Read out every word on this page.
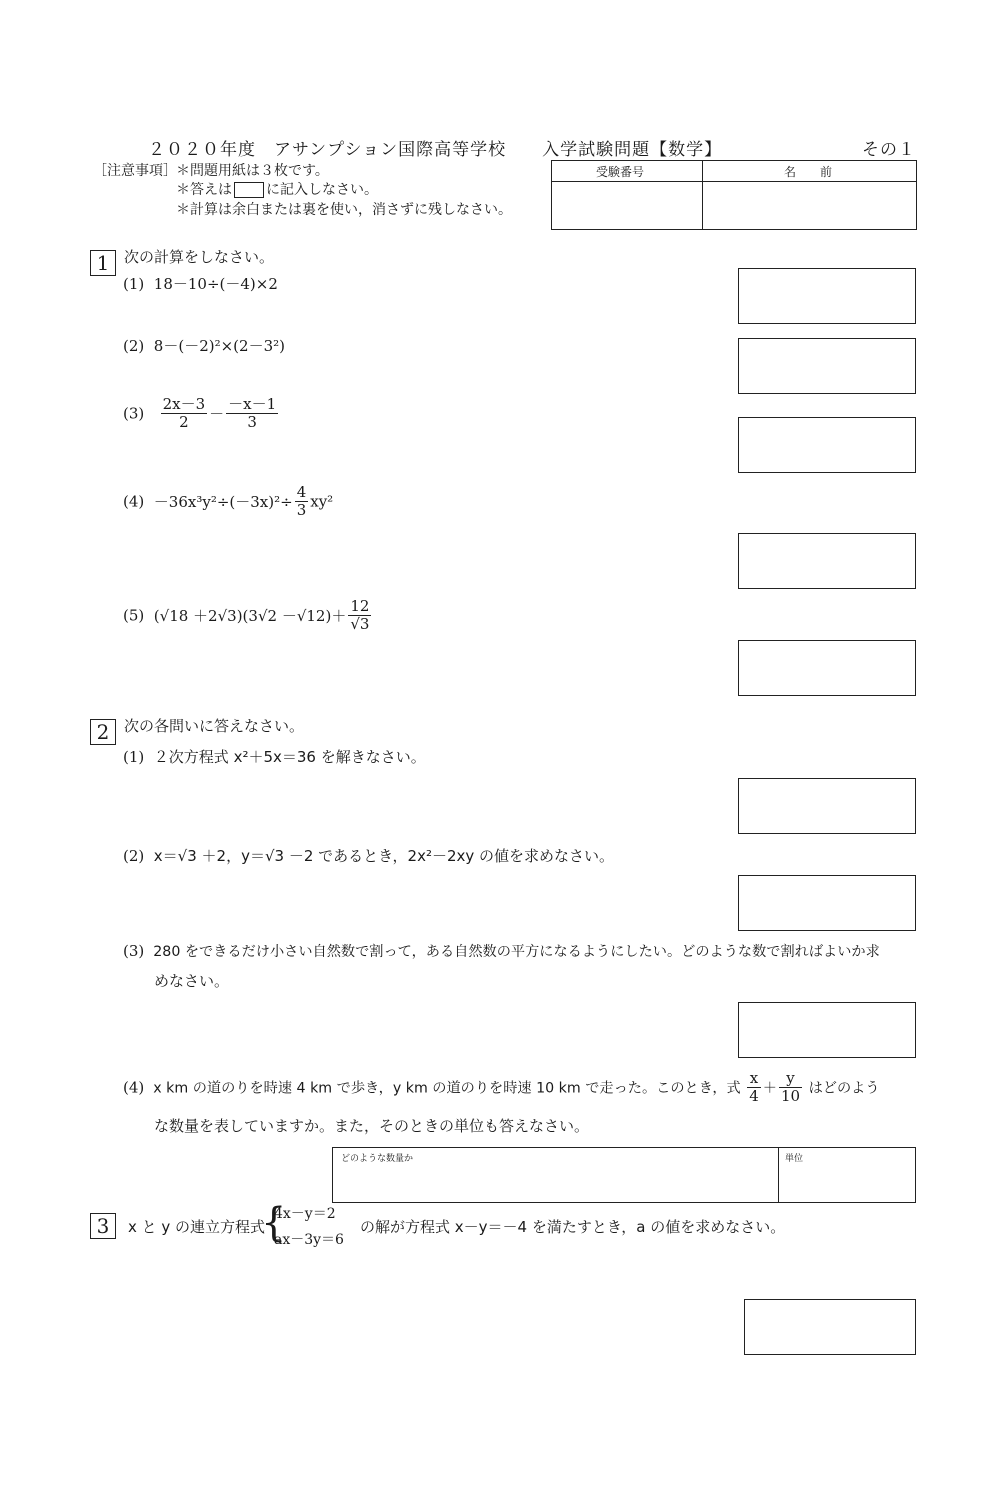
２０２０年度　アサンプション国際高等学校　　入学試験問題【数学】	その１
［注意事項］ ＊問題用紙は３枚です。
＊答えは に記入しなさい。
＊計算は余白または裏を使い，消さずに残しなさい。
受験番号	名　　前
1 次の計算をしなさい。
(1) 18－10÷(－4)×2
(2) 8－(－2)²×(2－3²)
$(3) \frac{2x-3}{2} - \frac{-x-1}{3}$
$(4) -36x^3y^2\div(-3x)^2\div \frac{4}{3} xy^2$
(5) $(√18 +2√3)(3√2 -√12)+ \frac{12}{√3}$
2 次の各問いに答えなさい。
(1) ２次方程式 x²＋5x＝36 を解きなさい。
(2) x＝√3 ＋2，y＝√3 －2 であるとき，2x²－2xy の値を求めなさい。
(3) 280 をできるだけ小さい自然数で割って，ある自然数の平方になるようにしたい。どのような数で割ればよいか求
めなさい。
(4) x km の道のりを時速 4 km で歩き，y km の道のりを時速 10 km で走った。このとき，式 $\frac{x}{4} + \frac{y}{10}$ はどのよう
な数量を表していますか。また，そのときの単位も答えなさい。
どのような数量か	単位
3	x と y の連立方程式
{
4x－y＝2
ax－3y＝6
の解が方程式 x－y＝－4 を満たすとき，a の値を求めなさい。
